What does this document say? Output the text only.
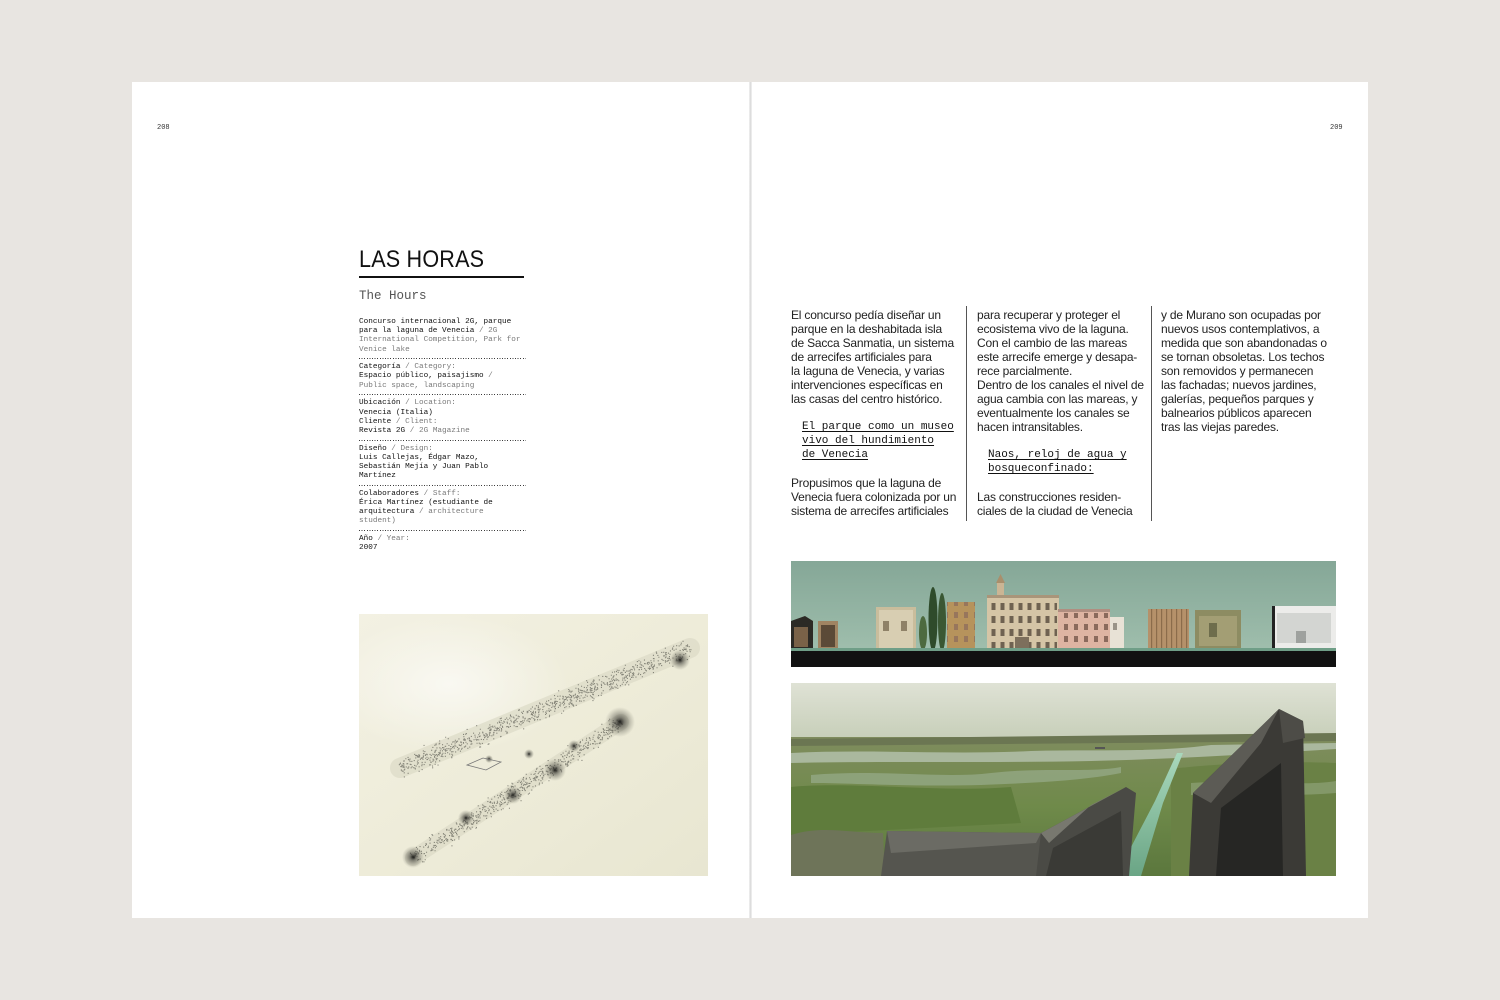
208	209
LAS HORAS
The Hours
Concurso internacional 2G, parque
para la laguna de Venecia / 2G
International Competition, Park for
Venice lake
Categoría / Category:
Espacio público, paisajismo /
Public space, landscaping
Ubicación / Location:
Venecia (Italia)
Cliente / Client:
Revista 2G / 2G Magazine
Diseño / Design:
Luis Callejas, Édgar Mazo,
Sebastián Mejía y Juan Pablo
Martínez
Colaboradores / Staff:
Érica Martínez (estudiante de
arquitectura / architecture
student)
Año / Year:
2007
El concurso pedía diseñar un
parque en la deshabitada isla
de Sacca Sanmatia, un sistema
de arrecifes artificiales para
la laguna de Venecia, y varias
intervenciones específicas en
las casas del centro histórico.
El parque como un museo
vivo del hundimiento
de Venecia
Propusimos que la laguna de
Venecia fuera colonizada por un
sistema de arrecifes artificiales
para recuperar y proteger el
ecosistema vivo de la laguna.
Con el cambio de las mareas
este arrecife emerge y desapa-
rece parcialmente.
Dentro de los canales el nivel de
agua cambia con las mareas, y
eventualmente los canales se
hacen intransitables.
Naos, reloj de agua y
bosqueconfinado:
Las construcciones residen-
ciales de la ciudad de Venecia
y de Murano son ocupadas por
nuevos usos contemplativos, a
medida que son abandonadas o
se tornan obsoletas. Los techos
son removidos y permanecen
las fachadas; nuevos jardines,
galerías, pequeños parques y
balnearios públicos aparecen
tras las viejas paredes.
